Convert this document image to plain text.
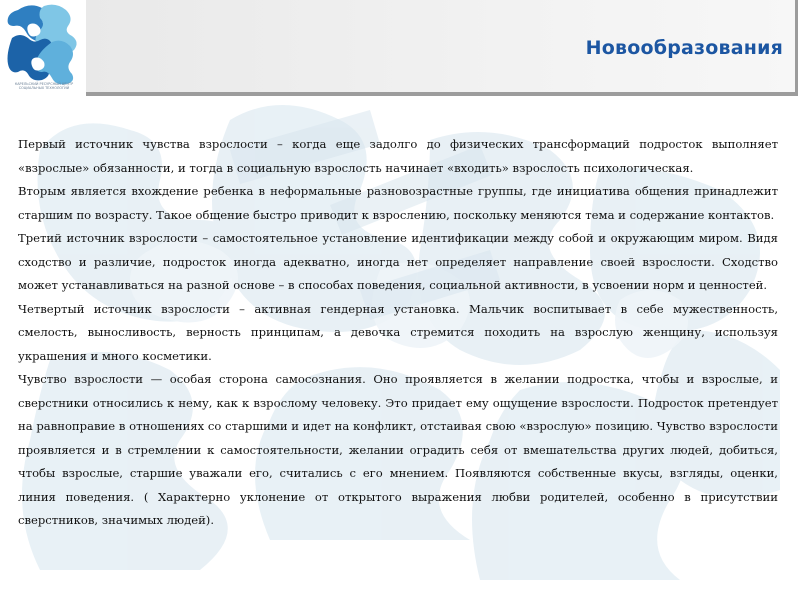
Новообразования
КАРЕЛЬСКИЙ РЕСУРСНЫЙ ЦЕНТР СОЦИАЛЬНЫХ ТЕХНОЛОГИЙ

Первый источник чувства взрослости – когда еще задолго до физических трансформаций подросток выполняет «взрослые» обязанности, и тогда в социальную взрослость начинает «входить» взрослость психологическая.

Вторым является вхождение ребенка в неформальные разновозрастные группы, где инициатива общения принадлежит старшим по возрасту. Такое общение быстро приводит к взрослению, поскольку меняются тема и содержание контактов.

Третий источник взрослости – самостоятельное установление идентификации между собой и окружающим миром. Видя сходство и различие, подросток иногда адекватно, иногда нет определяет направление своей взрослости. Сходство может устанавливаться на разной основе – в способах поведения, социальной активности, в усвоении норм и ценностей.

Четвертый источник взрослости – активная гендерная установка. Мальчик воспитывает в себе мужественность, смелость, выносливость, верность принципам, а девочка стремится походить на взрослую женщину, используя украшения и много косметики.

Чувство взрослости — особая сторона самосознания. Оно проявляется в желании подростка, чтобы и взрослые, и сверстники относились к нему, как к взрослому человеку. Это придает ему ощущение взрослости. Подросток претендует на равноправие в отношениях со старшими и идет на конфликт, отстаивая свою «взрослую» позицию. Чувство взрослости проявляется и в стремлении к самостоятельности, желании оградить себя от вмешательства других людей, добиться, чтобы взрослые, старшие уважали его, считались с его мнением. Появляются собственные вкусы, взгляды, оценки, линия поведения. ( Характерно уклонение от открытого выражения любви родителей, особенно в присутствии сверстников, значимых людей).
